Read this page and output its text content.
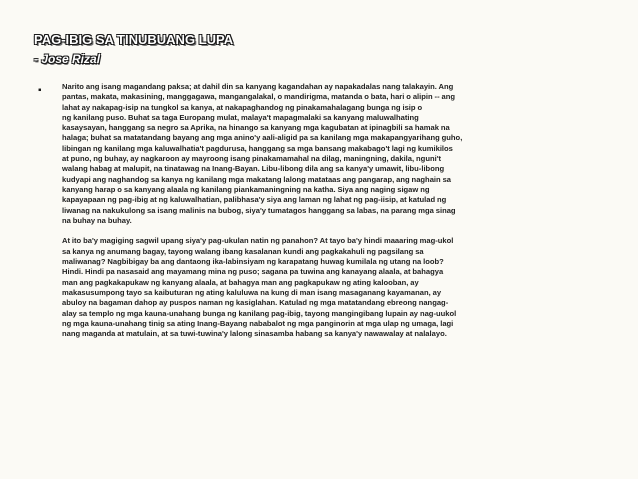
PAG-IBIG SA TINUBUANG LUPA
- Jose Rizal
▪	Narito ang isang magandang paksa; at dahil din sa kanyang kagandahan ay napakadalas nang talakayin. Ang
pantas, makata, makasining, manggagawa, mangangalakal, o mandirigma, matanda o bata, hari o alipin -- ang
lahat ay nakapag-isip na tungkol sa kanya, at nakapaghandog ng pinakamahalagang bunga ng isip o
ng kanilang puso. Buhat sa taga Europang mulat, malaya't mapagmalaki sa kanyang maluwalhating
kasaysayan, hanggang sa negro sa Aprika, na hinango sa kanyang mga kagubatan at ipinagbili sa hamak na
halaga; buhat sa matatandang bayang ang mga anino'y aali-aligid pa sa kanilang mga makapangyarihang guho,
libingan ng kanilang mga kaluwalhatia't pagdurusa, hanggang sa mga bansang makabago't lagi ng kumikilos
at puno, ng buhay, ay nagkaroon ay mayroong isang pinakamamahal na dilag, maningning, dakila, nguni't
walang habag at malupit, na tinatawag na Inang-Bayan. Libu-libong dila ang sa kanya'y umawit, libu-libong
kudyapi ang naghandog sa kanya ng kanilang mga makatang lalong matataas ang pangarap, ang naghain sa
kanyang harap o sa kanyang alaala ng kanilang piankamaningning na katha. Siya ang naging sigaw ng
kapayapaan ng pag-ibig at ng kaluwalhatian, palibhasa'y siya ang laman ng lahat ng pag-iisip, at katulad ng
liwanag na nakukulong sa isang malinis na bubog, siya'y tumatagos hanggang sa labas, na parang mga sinag
na buhay na buhay.
At ito ba'y magiging sagwil upang siya'y pag-ukulan natin ng panahon? At tayo ba'y hindi maaaring mag-ukol
sa kanya ng anumang bagay, tayong walang ibang kasalanan kundi ang pagkakahuli ng pagsilang sa
maliwanag? Nagbibigay ba ang dantaong ika-labinsiyam ng karapatang huwag kumilala ng utang na loob?
Hindi. Hindi pa nasasaid ang mayamang mina ng puso; sagana pa tuwina ang kanayang alaala, at bahagya
man ang pagkakapukaw ng kanyang alaala, at bahagya man ang pagkapukaw ng ating kalooban, ay
makasusumpong tayo sa kaibuturan ng ating kaluluwa na kung di man isang masaganang kayamanan, ay
abuloy na bagaman dahop ay puspos naman ng kasiglahan. Katulad ng mga matatandang ebreong nangag-
alay sa templo ng mga kauna-unahang bunga ng kanilang pag-ibig, tayong mangingibang lupain ay nag-uukol
ng mga kauna-unahang tinig sa ating Inang-Bayang nababalot ng mga panginorin at mga ulap ng umaga, lagi
nang maganda at matulain, at sa tuwi-tuwina'y lalong sinasamba habang sa kanya'y nawawalay at nalalayo.
